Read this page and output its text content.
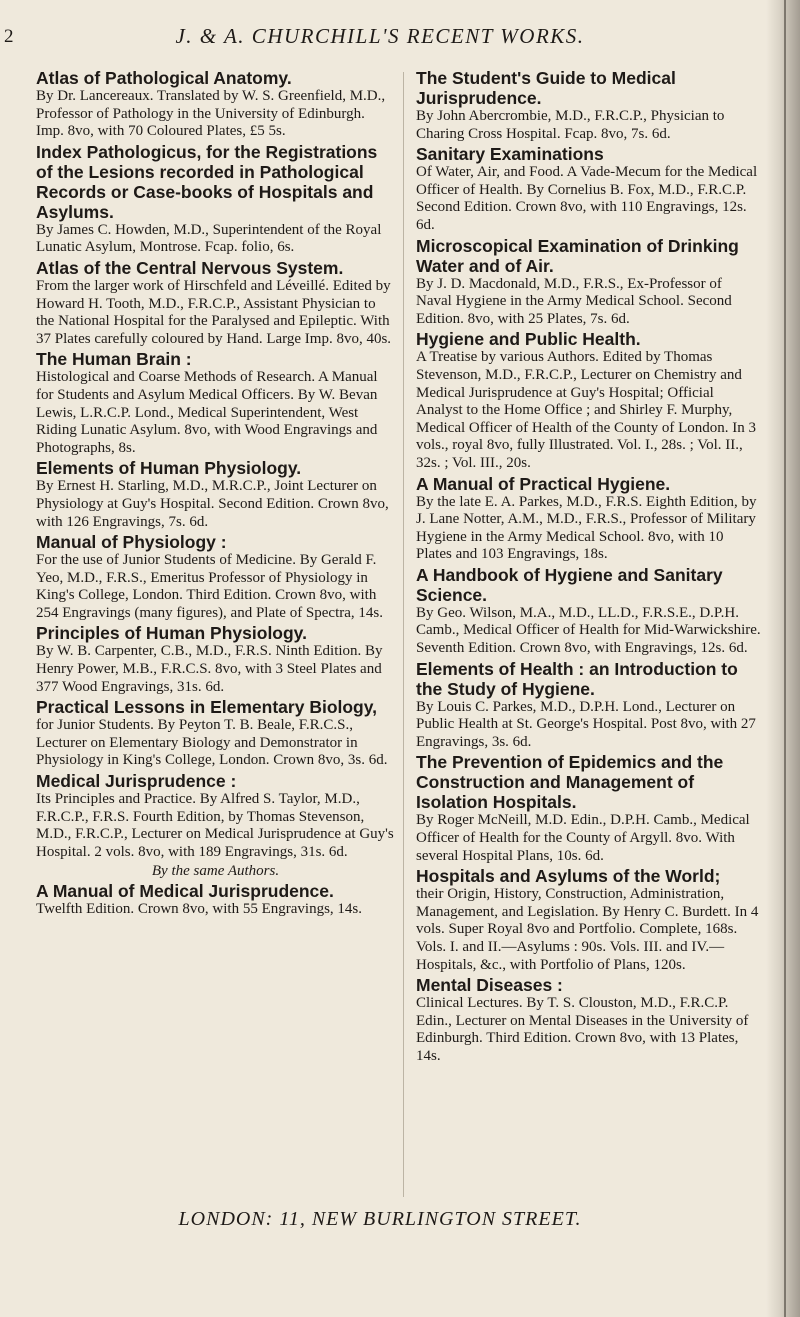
2	J. & A. CHURCHILL'S RECENT WORKS.
Atlas of Pathological Anatomy.
By Dr. Lancereaux. Translated by W. S. Greenfield, M.D., Professor of Pathology in the University of Edinburgh. Imp. 8vo, with 70 Coloured Plates, £5 5s.
Index Pathologicus, for the Registrations of the Lesions recorded in Pathological Records or Case-books of Hospitals and Asylums.
By James C. Howden, M.D., Superintendent of the Royal Lunatic Asylum, Montrose. Fcap. folio, 6s.
Atlas of the Central Nervous System.
From the larger work of Hirschfeld and Léveillé. Edited by Howard H. Tooth, M.D., F.R.C.P., Assistant Physician to the National Hospital for the Paralysed and Epileptic. With 37 Plates carefully coloured by Hand. Large Imp. 8vo, 40s.
The Human Brain :
Histological and Coarse Methods of Research. A Manual for Students and Asylum Medical Officers. By W. Bevan Lewis, L.R.C.P. Lond., Medical Superintendent, West Riding Lunatic Asylum. 8vo, with Wood Engravings and Photographs, 8s.
Elements of Human Physiology.
By Ernest H. Starling, M.D., M.R.C.P., Joint Lecturer on Physiology at Guy's Hospital. Second Edition. Crown 8vo, with 126 Engravings, 7s. 6d.
Manual of Physiology :
For the use of Junior Students of Medicine. By Gerald F. Yeo, M.D., F.R.S., Emeritus Professor of Physiology in King's College, London. Third Edition. Crown 8vo, with 254 Engravings (many figures), and Plate of Spectra, 14s.
Principles of Human Physiology.
By W. B. Carpenter, C.B., M.D., F.R.S. Ninth Edition. By Henry Power, M.B., F.R.C.S. 8vo, with 3 Steel Plates and 377 Wood Engravings, 31s. 6d.
Practical Lessons in Elementary Biology,
for Junior Students. By Peyton T. B. Beale, F.R.C.S., Lecturer on Elementary Biology and Demonstrator in Physiology in King's College, London. Crown 8vo, 3s. 6d.
Medical Jurisprudence :
Its Principles and Practice. By Alfred S. Taylor, M.D., F.R.C.P., F.R.S. Fourth Edition, by Thomas Stevenson, M.D., F.R.C.P., Lecturer on Medical Jurisprudence at Guy's Hospital. 2 vols. 8vo, with 189 Engravings, 31s. 6d.
By the same Authors.
A Manual of Medical Jurisprudence.
Twelfth Edition. Crown 8vo, with 55 Engravings, 14s.
The Student's Guide to Medical Jurisprudence.
By John Abercrombie, M.D., F.R.C.P., Physician to Charing Cross Hospital. Fcap. 8vo, 7s. 6d.
Sanitary Examinations
Of Water, Air, and Food. A Vade-Mecum for the Medical Officer of Health. By Cornelius B. Fox, M.D., F.R.C.P. Second Edition. Crown 8vo, with 110 Engravings, 12s. 6d.
Microscopical Examination of Drinking Water and of Air.
By J. D. Macdonald, M.D., F.R.S., Ex-Professor of Naval Hygiene in the Army Medical School. Second Edition. 8vo, with 25 Plates, 7s. 6d.
Hygiene and Public Health.
A Treatise by various Authors. Edited by Thomas Stevenson, M.D., F.R.C.P., Lecturer on Chemistry and Medical Jurisprudence at Guy's Hospital; Official Analyst to the Home Office ; and Shirley F. Murphy, Medical Officer of Health of the County of London. In 3 vols., royal 8vo, fully Illustrated. Vol. I., 28s. ; Vol. II., 32s. ; Vol. III., 20s.
A Manual of Practical Hygiene.
By the late E. A. Parkes, M.D., F.R.S. Eighth Edition, by J. Lane Notter, A.M., M.D., F.R.S., Professor of Military Hygiene in the Army Medical School. 8vo, with 10 Plates and 103 Engravings, 18s.
A Handbook of Hygiene and Sanitary Science.
By Geo. Wilson, M.A., M.D., LL.D., F.R.S.E., D.P.H. Camb., Medical Officer of Health for Mid-Warwickshire. Seventh Edition. Crown 8vo, with Engravings, 12s. 6d.
Elements of Health : an Introduction to the Study of Hygiene.
By Louis C. Parkes, M.D., D.P.H. Lond., Lecturer on Public Health at St. George's Hospital. Post 8vo, with 27 Engravings, 3s. 6d.
The Prevention of Epidemics and the Construction and Management of Isolation Hospitals.
By Roger McNeill, M.D. Edin., D.P.H. Camb., Medical Officer of Health for the County of Argyll. 8vo. With several Hospital Plans, 10s. 6d.
Hospitals and Asylums of the World;
their Origin, History, Construction, Administration, Management, and Legislation. By Henry C. Burdett. In 4 vols. Super Royal 8vo and Portfolio. Complete, 168s. Vols. I. and II.—Asylums : 90s. Vols. III. and IV.—Hospitals, &c., with Portfolio of Plans, 120s.
Mental Diseases :
Clinical Lectures. By T. S. Clouston, M.D., F.R.C.P. Edin., Lecturer on Mental Diseases in the University of Edinburgh. Third Edition. Crown 8vo, with 13 Plates, 14s.
LONDON: 11, NEW BURLINGTON STREET.
